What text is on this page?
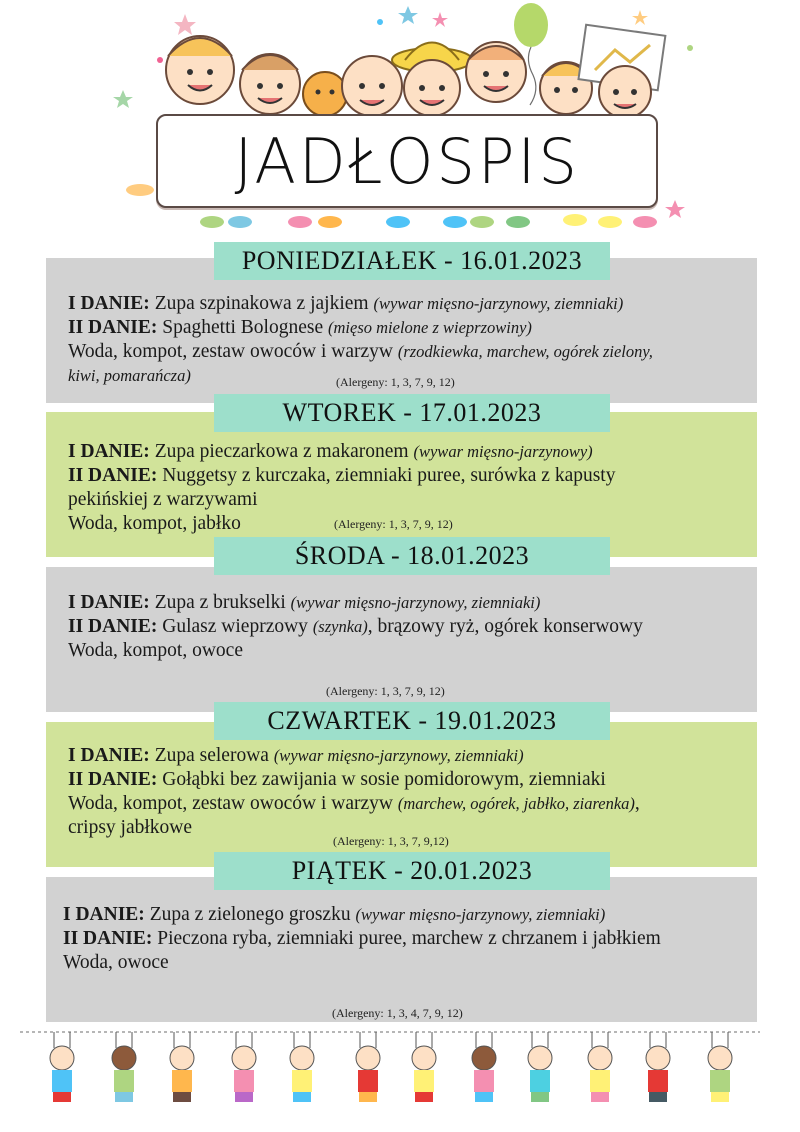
JADŁOSPIS
PONIEDZIAŁEK - 16.01.2023
I DANIE: Zupa szpinakowa z jajkiem (wywar mięsno-jarzynowy, ziemniaki)
II DANIE: Spaghetti Bolognese (mięso mielone z wieprzowiny)
Woda, kompot, zestaw owoców i warzyw (rzodkiewka, marchew, ogórek zielony,
kiwi, pomarańcza)	(Alergeny: 1, 3, 7, 9, 12)
WTOREK - 17.01.2023
I DANIE: Zupa pieczarkowa z makaronem (wywar mięsno-jarzynowy)
II DANIE: Nuggetsy z kurczaka, ziemniaki puree, surówka z kapusty
pekińskiej z warzywami
Woda, kompot, jabłko	(Alergeny: 1, 3, 7, 9, 12)
ŚRODA - 18.01.2023
I DANIE: Zupa z brukselki (wywar mięsno-jarzynowy, ziemniaki)
II DANIE: Gulasz wieprzowy (szynka), brązowy ryż, ogórek konserwowy
Woda, kompot, owoce
(Alergeny: 1, 3, 7, 9, 12)
CZWARTEK - 19.01.2023
I DANIE: Zupa selerowa (wywar mięsno-jarzynowy, ziemniaki)
II DANIE: Gołąbki bez zawijania w sosie pomidorowym, ziemniaki
Woda, kompot, zestaw owoców i warzyw (marchew, ogórek, jabłko, ziarenka),
cripsy jabłkowe
(Alergeny: 1, 3, 7, 9,12)
PIĄTEK - 20.01.2023
I DANIE: Zupa z zielonego groszku (wywar mięsno-jarzynowy, ziemniaki)
II DANIE: Pieczona ryba, ziemniaki puree, marchew z chrzanem i jabłkiem
Woda, owoce
(Alergeny: 1, 3, 4, 7, 9, 12)
